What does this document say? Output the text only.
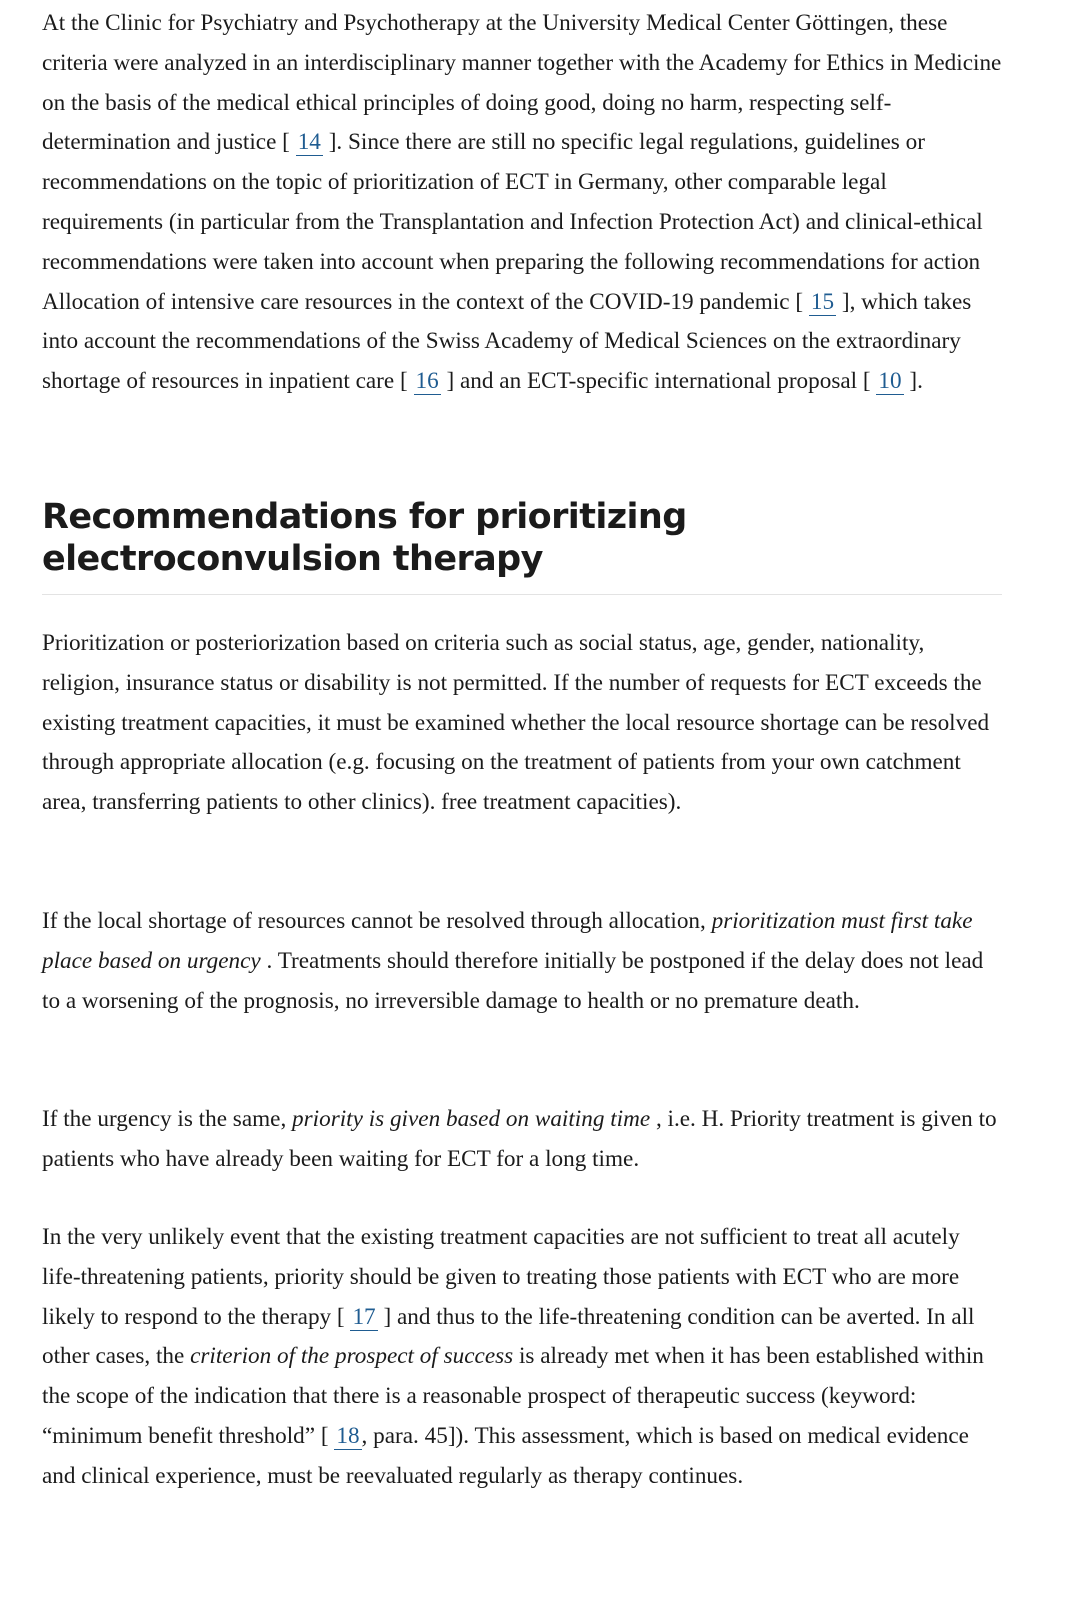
At the Clinic for Psychiatry and Psychotherapy at the University Medical Center Göttingen, these criteria were analyzed in an interdisciplinary manner together with the Academy for Ethics in Medicine on the basis of the medical ethical principles of doing good, doing no harm, respecting self-determination and justice [ 14 ]. Since there are still no specific legal regulations, guidelines or recommendations on the topic of prioritization of ECT in Germany, other comparable legal requirements (in particular from the Transplantation and Infection Protection Act) and clinical-ethical recommendations were taken into account when preparing the following recommendations for action Allocation of intensive care resources in the context of the COVID-19 pandemic [ 15 ], which takes into account the recommendations of the Swiss Academy of Medical Sciences on the extraordinary shortage of resources in inpatient care [ 16 ] and an ECT-specific international proposal [ 10 ].

Recommendations for prioritizing electroconvulsion therapy

Prioritization or posteriorization based on criteria such as social status, age, gender, nationality, religion, insurance status or disability is not permitted. If the number of requests for ECT exceeds the existing treatment capacities, it must be examined whether the local resource shortage can be resolved through appropriate allocation (e.g. focusing on the treatment of patients from your own catchment area, transferring patients to other clinics). free treatment capacities).

If the local shortage of resources cannot be resolved through allocation, prioritization must first take place based on urgency . Treatments should therefore initially be postponed if the delay does not lead to a worsening of the prognosis, no irreversible damage to health or no premature death.

If the urgency is the same, priority is given based on waiting time , i.e. H. Priority treatment is given to patients who have already been waiting for ECT for a long time.

In the very unlikely event that the existing treatment capacities are not sufficient to treat all acutely life-threatening patients, priority should be given to treating those patients with ECT who are more likely to respond to the therapy [ 17 ] and thus to the life-threatening condition can be averted. In all other cases, the criterion of the prospect of success is already met when it has been established within the scope of the indication that there is a reasonable prospect of therapeutic success (keyword: “minimum benefit threshold” [ 18, para. 45]). This assessment, which is based on medical evidence and clinical experience, must be reevaluated regularly as therapy continues.
